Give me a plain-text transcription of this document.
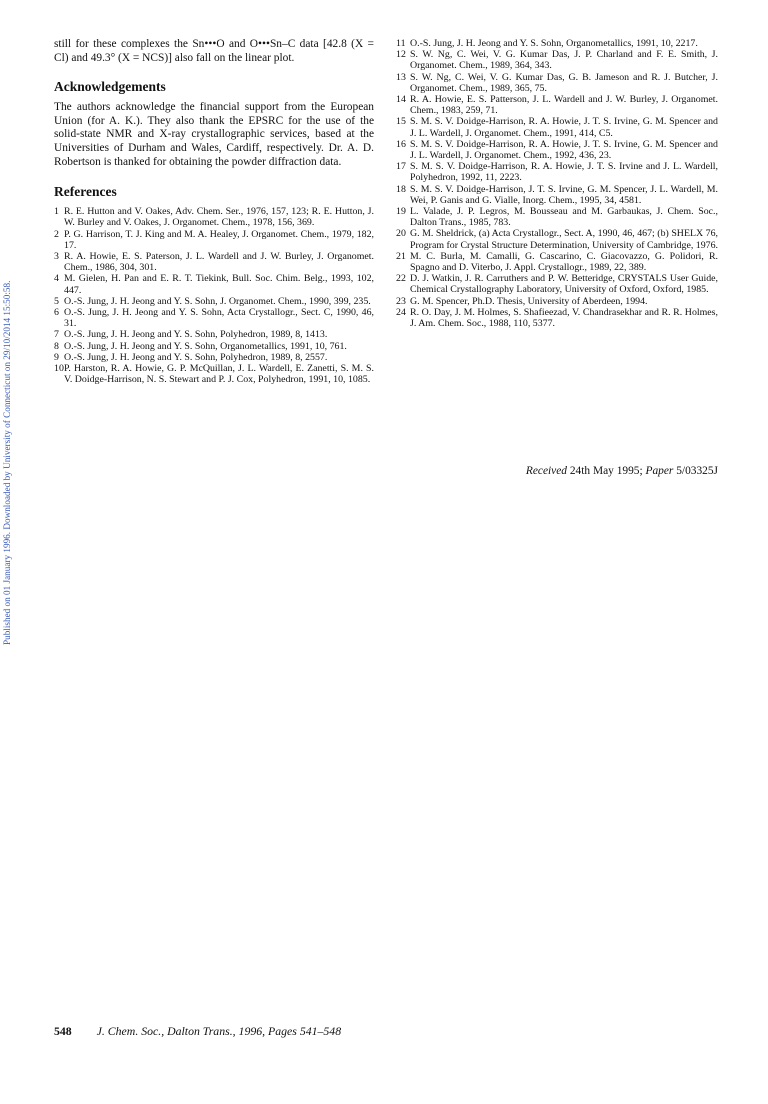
Published on 01 January 1996. Downloaded by University of Connecticut on 29/10/2014 15:50:58.

still for these complexes the Sn•••O and O•••Sn–C data [42.8 (X = Cl) and 49.3° (X = NCS)] also fall on the linear plot.

Acknowledgements

The authors acknowledge the financial support from the European Union (for A. K.). They also thank the EPSRC for the use of the solid-state NMR and X-ray crystallographic services, based at the Universities of Durham and Wales, Cardiff, respectively. Dr. A. D. Robertson is thanked for obtaining the powder diffraction data.

References
1 R. E. Hutton and V. Oakes, Adv. Chem. Ser., 1976, 157, 123; R. E. Hutton, J. W. Burley and V. Oakes, J. Organomet. Chem., 1978, 156, 369.
2 P. G. Harrison, T. J. King and M. A. Healey, J. Organomet. Chem., 1979, 182, 17.
3 R. A. Howie, E. S. Paterson, J. L. Wardell and J. W. Burley, J. Organomet. Chem., 1986, 304, 301.
4 M. Gielen, H. Pan and E. R. T. Tiekink, Bull. Soc. Chim. Belg., 1993, 102, 447.
5 O.-S. Jung, J. H. Jeong and Y. S. Sohn, J. Organomet. Chem., 1990, 399, 235.
6 O.-S. Jung, J. H. Jeong and Y. S. Sohn, Acta Crystallogr., Sect. C, 1990, 46, 31.
7 O.-S. Jung, J. H. Jeong and Y. S. Sohn, Polyhedron, 1989, 8, 1413.
8 O.-S. Jung, J. H. Jeong and Y. S. Sohn, Organometallics, 1991, 10, 761.
9 O.-S. Jung, J. H. Jeong and Y. S. Sohn, Polyhedron, 1989, 8, 2557.
10 P. Harston, R. A. Howie, G. P. McQuillan, J. L. Wardell, E. Zanetti, S. M. S. V. Doidge-Harrison, N. S. Stewart and P. J. Cox, Polyhedron, 1991, 10, 1085.
11 O.-S. Jung, J. H. Jeong and Y. S. Sohn, Organometallics, 1991, 10, 2217.
12 S. W. Ng, C. Wei, V. G. Kumar Das, J. P. Charland and F. E. Smith, J. Organomet. Chem., 1989, 364, 343.
13 S. W. Ng, C. Wei, V. G. Kumar Das, G. B. Jameson and R. J. Butcher, J. Organomet. Chem., 1989, 365, 75.
14 R. A. Howie, E. S. Patterson, J. L. Wardell and J. W. Burley, J. Organomet. Chem., 1983, 259, 71.
15 S. M. S. V. Doidge-Harrison, R. A. Howie, J. T. S. Irvine, G. M. Spencer and J. L. Wardell, J. Organomet. Chem., 1991, 414, C5.
16 S. M. S. V. Doidge-Harrison, R. A. Howie, J. T. S. Irvine, G. M. Spencer and J. L. Wardell, J. Organomet. Chem., 1992, 436, 23.
17 S. M. S. V. Doidge-Harrison, R. A. Howie, J. T. S. Irvine and J. L. Wardell, Polyhedron, 1992, 11, 2223.
18 S. M. S. V. Doidge-Harrison, J. T. S. Irvine, G. M. Spencer, J. L. Wardell, M. Wei, P. Ganis and G. Vialle, Inorg. Chem., 1995, 34, 4581.
19 L. Valade, J. P. Legros, M. Bousseau and M. Garbaukas, J. Chem. Soc., Dalton Trans., 1985, 783.
20 G. M. Sheldrick, (a) Acta Crystallogr., Sect. A, 1990, 46, 467; (b) SHELX 76, Program for Crystal Structure Determination, University of Cambridge, 1976.
21 M. C. Burla, M. Camalli, G. Cascarino, C. Giacovazzo, G. Polidori, R. Spagno and D. Viterbo, J. Appl. Crystallogr., 1989, 22, 389.
22 D. J. Watkin, J. R. Carruthers and P. W. Betteridge, CRYSTALS User Guide, Chemical Crystallography Laboratory, University of Oxford, Oxford, 1985.
23 G. M. Spencer, Ph.D. Thesis, University of Aberdeen, 1994.
24 R. O. Day, J. M. Holmes, S. Shafieezad, V. Chandrasekhar and R. R. Holmes, J. Am. Chem. Soc., 1988, 110, 5377.
Received 24th May 1995; Paper 5/03325J
548 J. Chem. Soc., Dalton Trans., 1996, Pages 541–548
